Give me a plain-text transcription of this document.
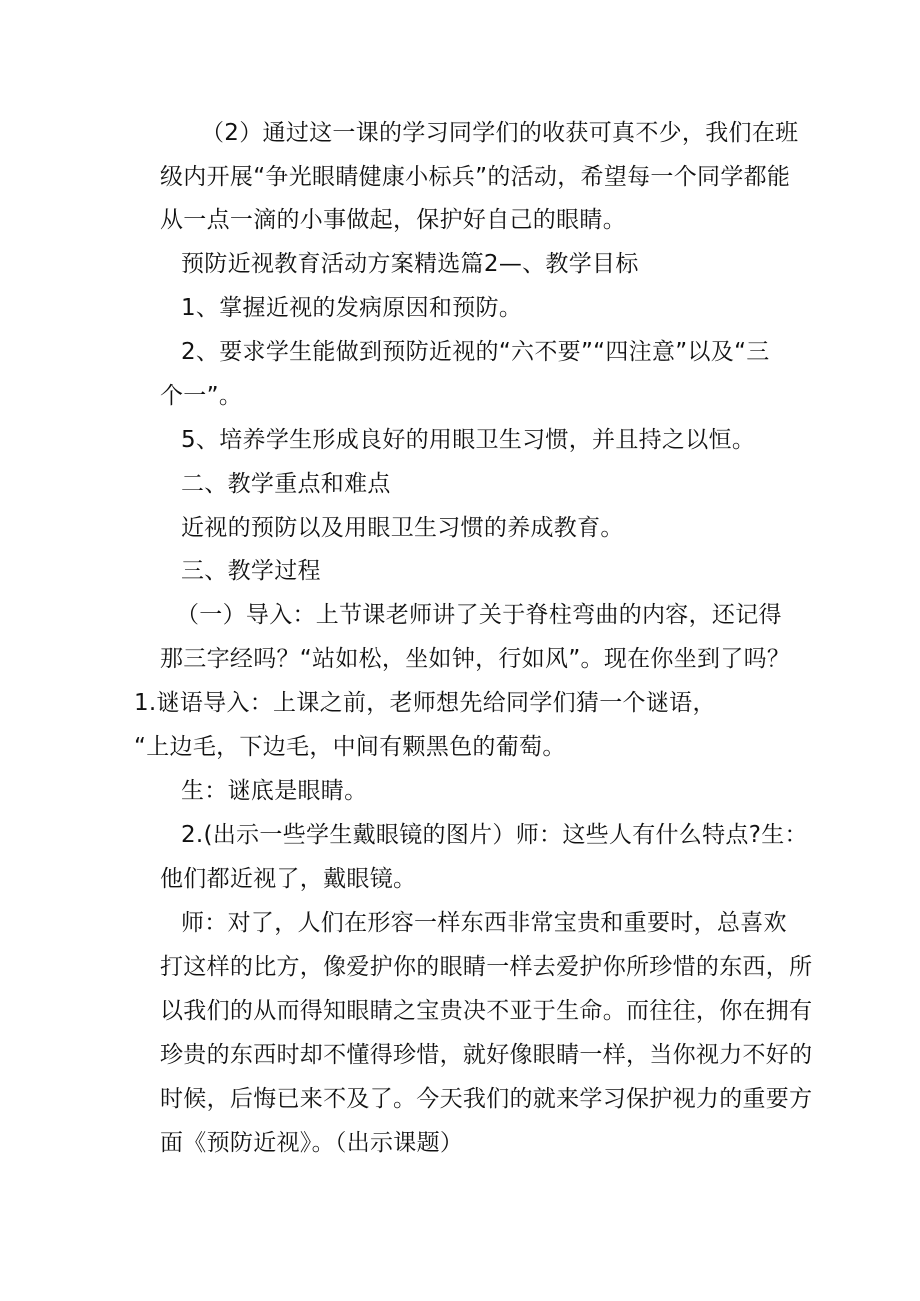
（2）通过这一课的学习同学们的收获可真不少，我们在班
级内开展“争光眼睛健康小标兵”的活动，希望每一个同学都能
从一点一滴的小事做起，保护好自己的眼睛。
预防近视教育活动方案精选篇2—、教学目标
1、掌握近视的发病原因和预防。
2、要求学生能做到预防近视的“六不要”“四注意”以及“三
个一”。
5、培养学生形成良好的用眼卫生习惯，并且持之以恒。
二、教学重点和难点
近视的预防以及用眼卫生习惯的养成教育。
三、教学过程
（一）导入：上节课老师讲了关于脊柱弯曲的内容，还记得
那三字经吗？“站如松，坐如钟，行如风”。现在你坐到了吗？
1.谜语导入：上课之前，老师想先给同学们猜一个谜语，
“上边毛，下边毛，中间有颗黑色的葡萄。
生：谜底是眼睛。
2.(出示一些学生戴眼镜的图片）师：这些人有什么特点?生：
他们都近视了，戴眼镜。
师：对了，人们在形容一样东西非常宝贵和重要时，总喜欢
打这样的比方，像爱护你的眼睛一样去爱护你所珍惜的东西，所
以我们的从而得知眼睛之宝贵决不亚于生命。而往往，你在拥有
珍贵的东西时却不懂得珍惜，就好像眼睛一样，当你视力不好的
时候，后悔已来不及了。今天我们的就来学习保护视力的重要方
面《预防近视》。（出示课题）
